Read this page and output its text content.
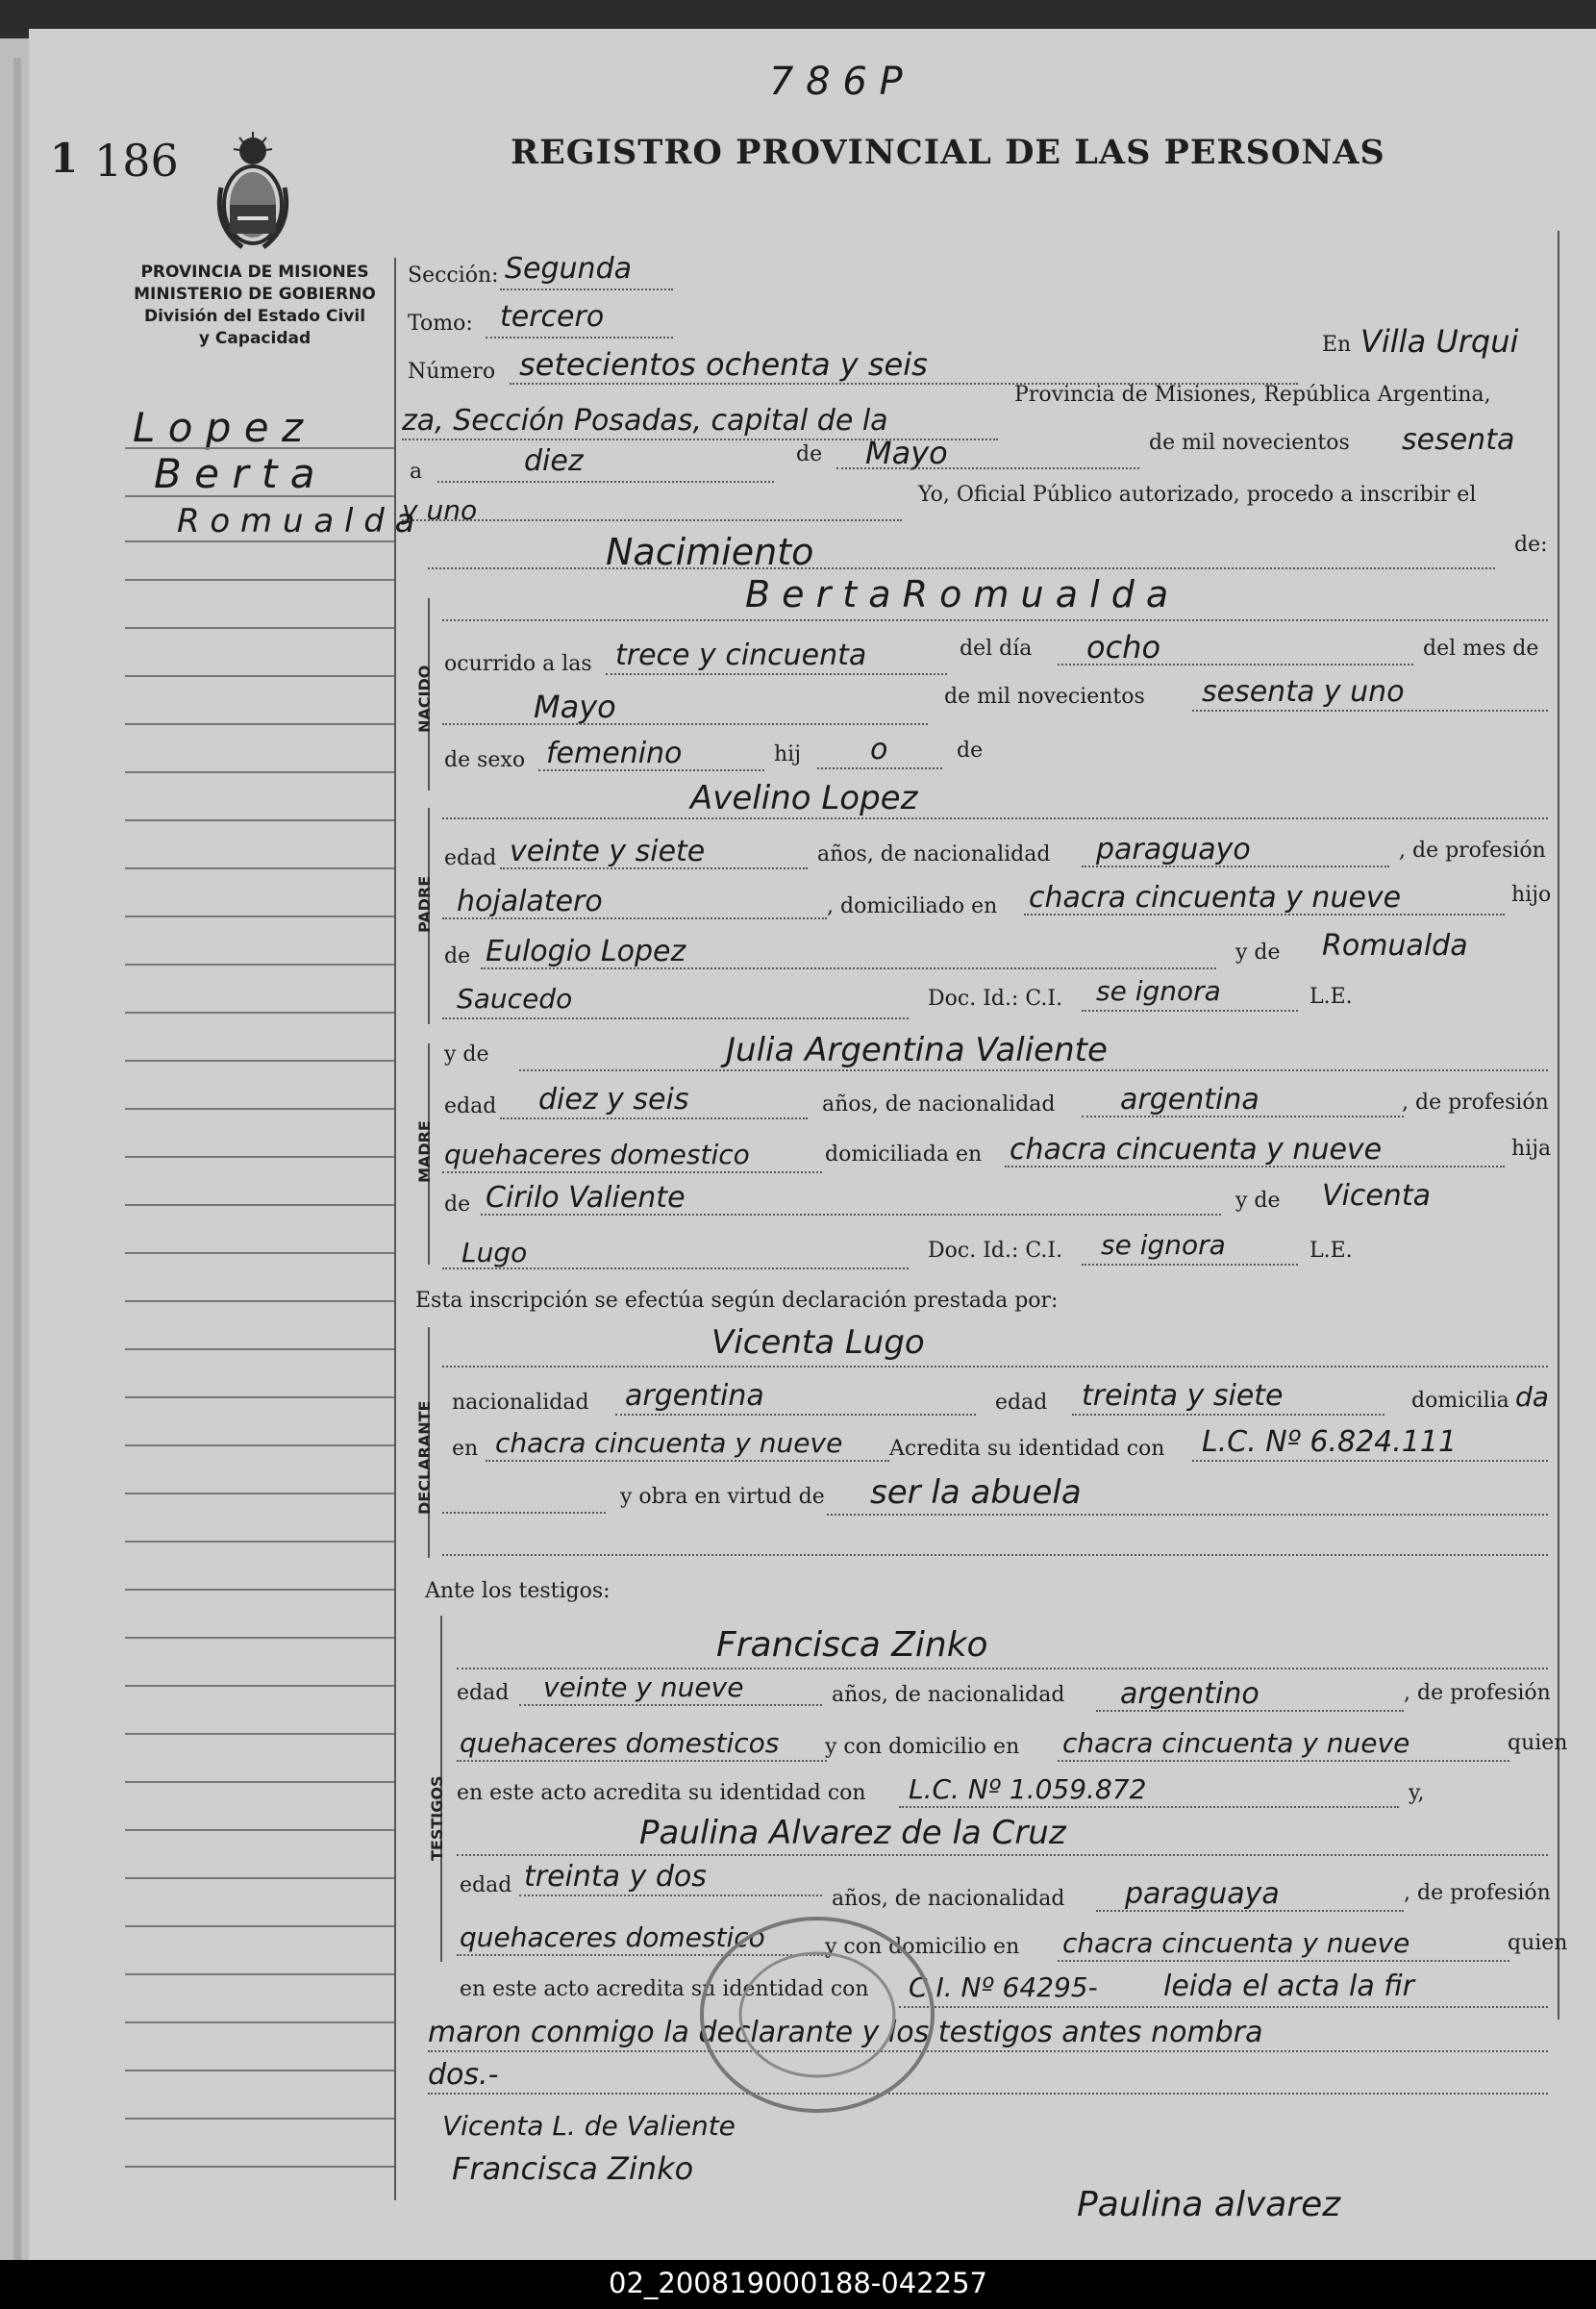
7 8 6 P
1 186	REGISTRO PROVINCIAL DE LAS PERSONAS
PROVINCIA DE MISIONES
MINISTERIO DE GOBIERNO
División del Estado Civil
y Capacidad
L o p e z
B e r t a
R o m u a l d a
Sección: Segunda
Tomo: tercero
Número setecientos ochenta y seis
En Villa Urqui
za, Sección Posadas, capital de la
Provincia de Misiones, República Argentina,
a	diez	de Mayo	de mil novecientos sesenta
y uno	Yo, Oficial Público autorizado, procedo a inscribir el
Nacimiento	de:
NACIDO
B e r t a R o m u a l d a
ocurrido a las trece y cincuenta	del día ocho	del mes de
Mayo	de mil novecientos sesenta y uno
de sexo femenino	hij o	de
PADRE
Avelino Lopez
edad veinte y siete	años, de nacionalidad paraguayo	, de profesión
hojalatero	, domiciliado en chacra cincuenta y nueve	hijo
de Eulogio Lopez	y de Romualda
Saucedo	Doc. Id.: C.I. se ignora	L.E.
MADRE
y de	Julia Argentina Valiente
edad diez y seis	años, de nacionalidad argentina	, de profesión
quehaceres domestico	domiciliada en chacra cincuenta y nueve	hija
de Cirilo Valiente	y de Vicenta
Lugo	Doc. Id.: C.I. se ignora	L.E.
Esta inscripción se efectúa según declaración prestada por:
DECLARANTE
Vicenta Lugo
nacionalidad argentina	edad treinta y siete	domicilia da
en chacra cincuenta y nueve Acredita su identidad con L.C. Nº 6.824.111
y obra en virtud de ser la abuela
Ante los testigos:
TESTIGOS
Francisca Zinko
edad veinte y nueve	años, de nacionalidad argentino	, de profesión
quehaceres domesticos y con domicilio en chacra cincuenta y nueve	quien
en este acto acredita su identidad con L.C. Nº 1.059.872	y,
Paulina Alvarez de la Cruz
edad treinta y dos
años, de nacionalidad paraguaya	, de profesión
quehaceres domestico	y con domicilio en chacra cincuenta y nueve	quien
en este acto acredita su identidad con C.I. Nº 64295- leida el acta la fir
maron conmigo la declarante y los testigos antes nombra
dos.-
Vicenta L. de Valiente
Francisca Zinko
Paulina alvarez
02_200819000188-042257
